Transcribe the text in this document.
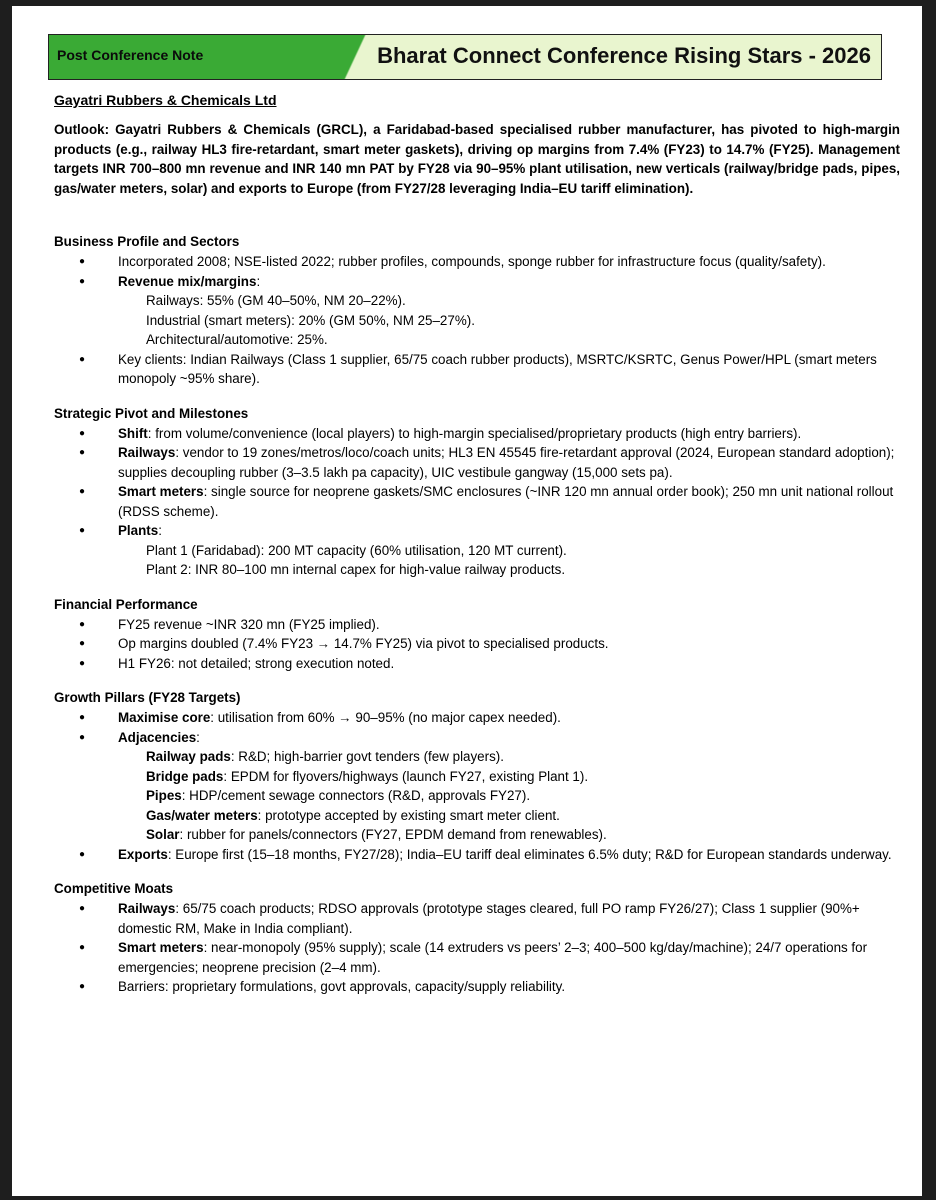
Post Conference Note	Bharat Connect Conference Rising Stars - 2026
Gayatri Rubbers & Chemicals Ltd
Outlook: Gayatri Rubbers & Chemicals (GRCL), a Faridabad-based specialised rubber manufacturer, has pivoted to high-margin products (e.g., railway HL3 fire-retardant, smart meter gaskets), driving op margins from 7.4% (FY23) to 14.7% (FY25). Management targets INR 700–800 mn revenue and INR 140 mn PAT by FY28 via 90–95% plant utilisation, new verticals (railway/bridge pads, pipes, gas/water meters, solar) and exports to Europe (from FY27/28 leveraging India–EU tariff elimination).
Business Profile and Sectors
● Incorporated 2008; NSE-listed 2022; rubber profiles, compounds, sponge rubber for infrastructure focus (quality/safety).
● Revenue mix/margins:
Railways: 55% (GM 40–50%, NM 20–22%).
Industrial (smart meters): 20% (GM 50%, NM 25–27%).
Architectural/automotive: 25%.
● Key clients: Indian Railways (Class 1 supplier, 65/75 coach rubber products), MSRTC/KSRTC, Genus Power/HPL (smart meters monopoly ~95% share).
Strategic Pivot and Milestones
● Shift: from volume/convenience (local players) to high-margin specialised/proprietary products (high entry barriers).
● Railways: vendor to 19 zones/metros/loco/coach units; HL3 EN 45545 fire-retardant approval (2024, European standard adoption); supplies decoupling rubber (3–3.5 lakh pa capacity), UIC vestibule gangway (15,000 sets pa).
● Smart meters: single source for neoprene gaskets/SMC enclosures (~INR 120 mn annual order book); 250 mn unit national rollout (RDSS scheme).
● Plants:
Plant 1 (Faridabad): 200 MT capacity (60% utilisation, 120 MT current).
Plant 2: INR 80–100 mn internal capex for high-value railway products.
Financial Performance
● FY25 revenue ~INR 320 mn (FY25 implied).
● Op margins doubled (7.4% FY23 → 14.7% FY25) via pivot to specialised products.
● H1 FY26: not detailed; strong execution noted.
Growth Pillars (FY28 Targets)
● Maximise core: utilisation from 60% → 90–95% (no major capex needed).
● Adjacencies:
Railway pads: R&D; high-barrier govt tenders (few players).
Bridge pads: EPDM for flyovers/highways (launch FY27, existing Plant 1).
Pipes: HDP/cement sewage connectors (R&D, approvals FY27).
Gas/water meters: prototype accepted by existing smart meter client.
Solar: rubber for panels/connectors (FY27, EPDM demand from renewables).
● Exports: Europe first (15–18 months, FY27/28); India–EU tariff deal eliminates 6.5% duty; R&D for European standards underway.
Competitive Moats
● Railways: 65/75 coach products; RDSO approvals (prototype stages cleared, full PO ramp FY26/27); Class 1 supplier (90%+ domestic RM, Make in India compliant).
● Smart meters: near-monopoly (95% supply); scale (14 extruders vs peers’ 2–3; 400–500 kg/day/machine); 24/7 operations for emergencies; neoprene precision (2–4 mm).
● Barriers: proprietary formulations, govt approvals, capacity/supply reliability.
